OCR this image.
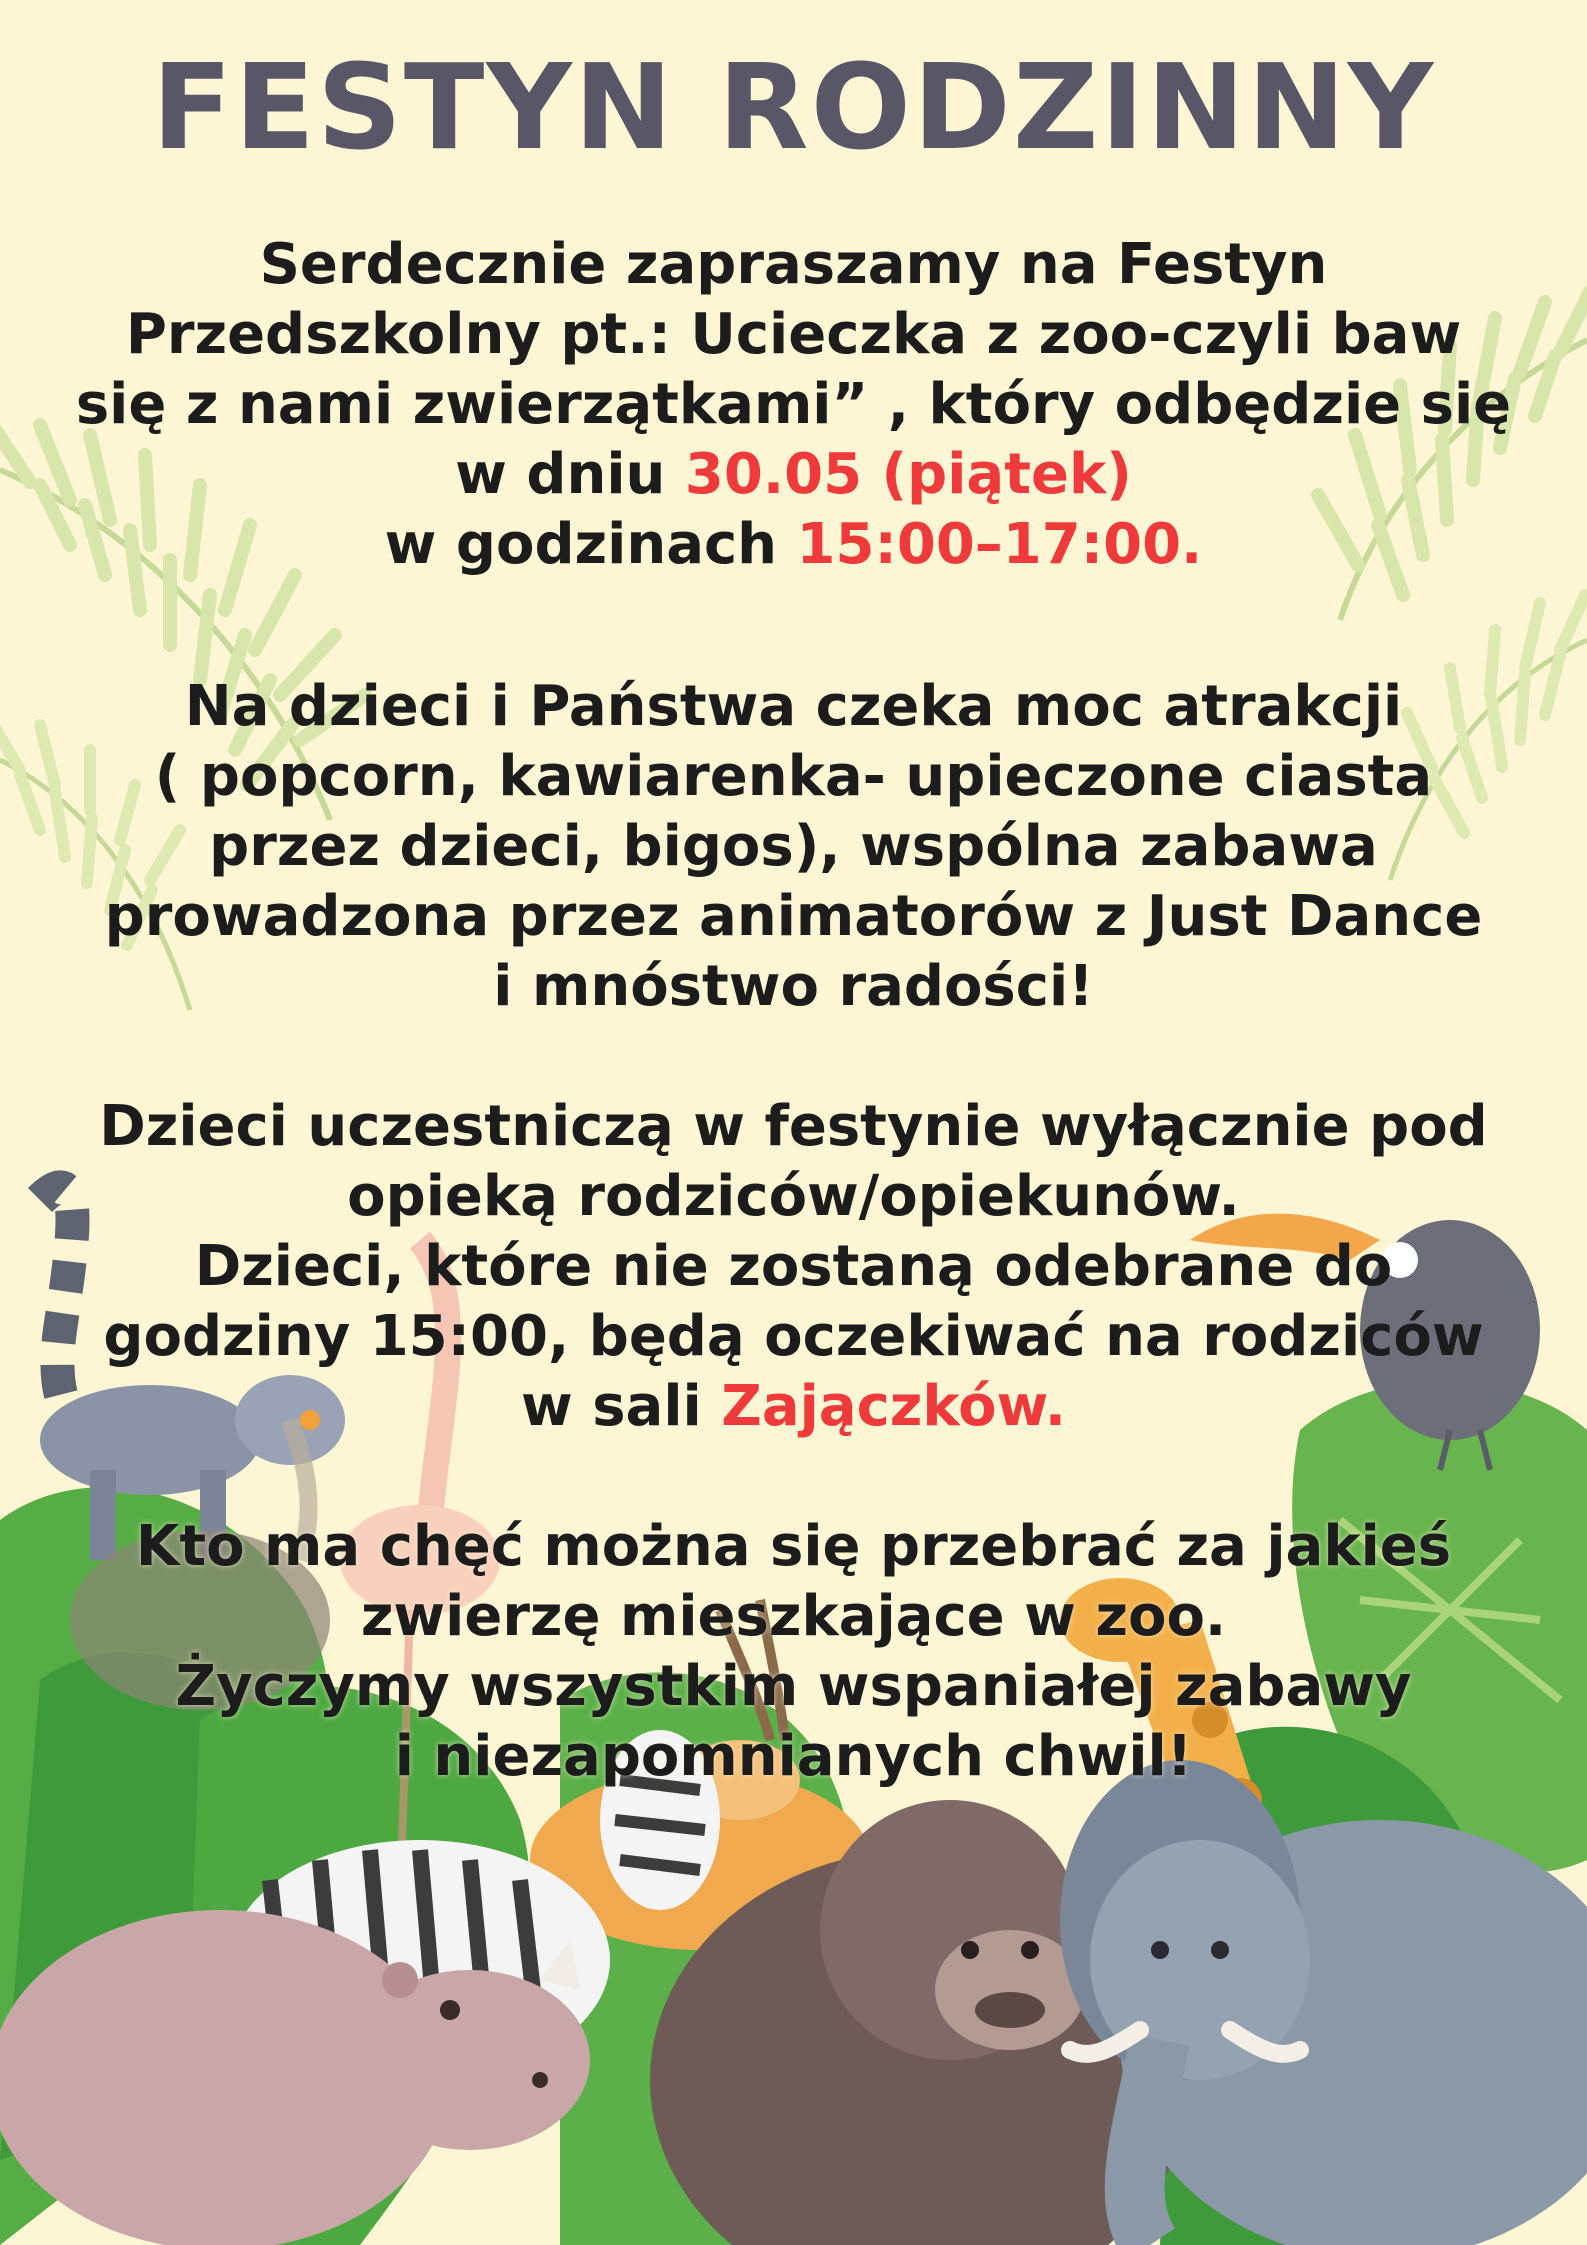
FESTYN RODZINNY

Serdecznie zapraszamy na Festyn
Przedszkolny pt.: Ucieczka z zoo-czyli baw
się z nami zwierzątkami” , który odbędzie się
w dniu 30.05 (piątek)
w godzinach 15:00–17:00.

Na dzieci i Państwa czeka moc atrakcji
( popcorn, kawiarenka- upieczone ciasta
przez dzieci, bigos), wspólna zabawa
prowadzona przez animatorów z Just Dance
i mnóstwo radości!

Dzieci uczestniczą w festynie wyłącznie pod
opieką rodziców/opiekunów.
Dzieci, które nie zostaną odebrane do
godziny 15:00, będą oczekiwać na rodziców
w sali Zajączków.

Kto ma chęć można się przebrać za jakieś
zwierzę mieszkające w zoo.
Życzymy wszystkim wspaniałej zabawy
i niezapomnianych chwil!
